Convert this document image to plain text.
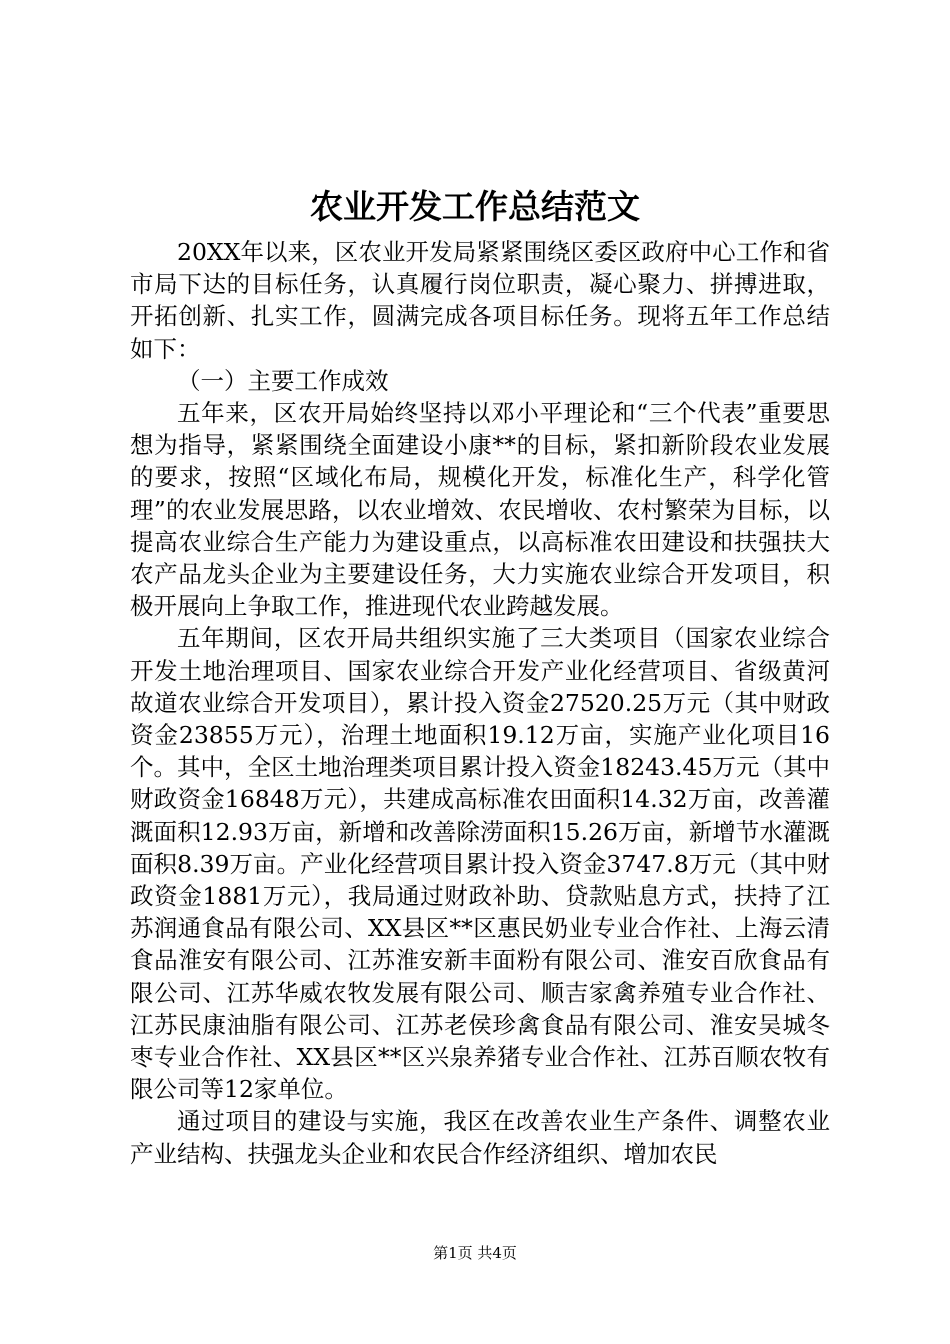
农业开发工作总结范文

20XX年以来，区农业开发局紧紧围绕区委区政府中心工作和省市局下达的目标任务，认真履行岗位职责，凝心聚力、拼搏进取，开拓创新、扎实工作，圆满完成各项目标任务。现将五年工作总结如下：

（一）主要工作成效

五年来，区农开局始终坚持以邓小平理论和“三个代表”重要思想为指导，紧紧围绕全面建设小康**的目标，紧扣新阶段农业发展的要求，按照“区域化布局，规模化开发，标准化生产，科学化管理”的农业发展思路，以农业增效、农民增收、农村繁荣为目标，以提高农业综合生产能力为建设重点，以高标准农田建设和扶强扶大农产品龙头企业为主要建设任务，大力实施农业综合开发项目，积极开展向上争取工作，推进现代农业跨越发展。

五年期间，区农开局共组织实施了三大类项目（国家农业综合开发土地治理项目、国家农业综合开发产业化经营项目、省级黄河故道农业综合开发项目），累计投入资金27520.25万元（其中财政资金23855万元），治理土地面积19.12万亩，实施产业化项目16个。其中，全区土地治理类项目累计投入资金18243.45万元（其中财政资金16848万元），共建成高标准农田面积14.32万亩，改善灌溉面积12.93万亩，新增和改善除涝面积15.26万亩，新增节水灌溉面积8.39万亩。产业化经营项目累计投入资金3747.8万元（其中财政资金1881万元），我局通过财政补助、贷款贴息方式，扶持了江苏润通食品有限公司、XX县区**区惠民奶业专业合作社、上海云清食品淮安有限公司、江苏淮安新丰面粉有限公司、淮安百欣食品有限公司、江苏华威农牧发展有限公司、顺吉家禽养殖专业合作社、江苏民康油脂有限公司、江苏老侯珍禽食品有限公司、淮安吴城冬枣专业合作社、XX县区**区兴泉养猪专业合作社、江苏百顺农牧有限公司等12家单位。

通过项目的建设与实施，我区在改善农业生产条件、调整农业产业结构、扶强龙头企业和农民合作经济组织、增加农民

第1页 共4页
